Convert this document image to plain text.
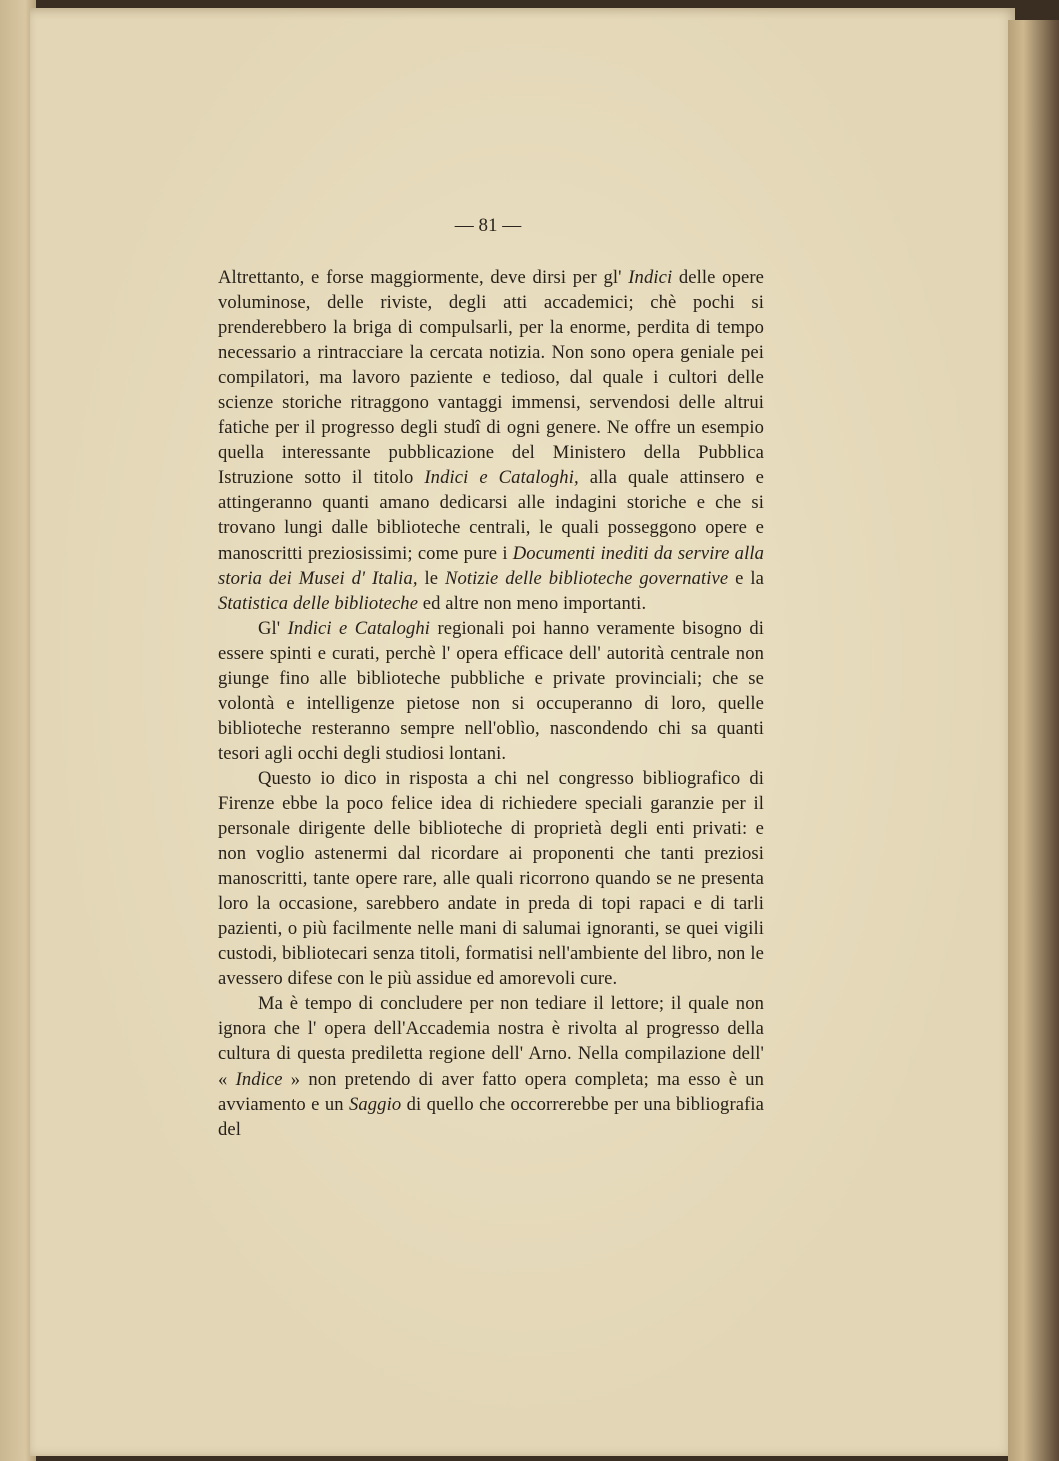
— 81 —

Altrettanto, e forse maggiormente, deve dirsi per gl' Indici delle opere voluminose, delle riviste, degli atti accademici; chè pochi si prenderebbero la briga di compulsarli, per la enorme, perdita di tempo necessario a rintracciare la cercata notizia. Non sono opera geniale pei compilatori, ma lavoro paziente e tedioso, dal quale i cultori delle scienze storiche ritraggono vantaggi immensi, servendosi delle altrui fatiche per il progresso degli studî di ogni genere. Ne offre un esempio quella interessante pubblicazione del Ministero della Pubblica Istruzione sotto il titolo Indici e Cataloghi, alla quale attinsero e attingeranno quanti amano dedicarsi alle indagini storiche e che si trovano lungi dalle biblioteche centrali, le quali posseggono opere e manoscritti preziosissimi; come pure i Documenti inediti da servire alla storia dei Musei d' Italia, le Notizie delle biblioteche governative e la Statistica delle biblioteche ed altre non meno importanti.

Gl' Indici e Cataloghi regionali poi hanno veramente bisogno di essere spinti e curati, perchè l' opera efficace dell' autorità centrale non giunge fino alle biblioteche pubbliche e private provinciali; che se volontà e intelligenze pietose non si occuperanno di loro, quelle biblioteche resteranno sempre nell'oblìo, nascondendo chi sa quanti tesori agli occhi degli studiosi lontani.

Questo io dico in risposta a chi nel congresso bibliografico di Firenze ebbe la poco felice idea di richiedere speciali garanzie per il personale dirigente delle biblioteche di proprietà degli enti privati: e non voglio astenermi dal ricordare ai proponenti che tanti preziosi manoscritti, tante opere rare, alle quali ricorrono quando se ne presenta loro la occasione, sarebbero andate in preda di topi rapaci e di tarli pazienti, o più facilmente nelle mani di salumai ignoranti, se quei vigili custodi, bibliotecari senza titoli, formatisi nell'ambiente del libro, non le avessero difese con le più assidue ed amorevoli cure.

Ma è tempo di concludere per non tediare il lettore; il quale non ignora che l' opera dell'Accademia nostra è rivolta al progresso della cultura di questa prediletta regione dell' Arno. Nella compilazione dell' « Indice » non pretendo di aver fatto opera completa; ma esso è un avviamento e un Saggio di quello che occorrerebbe per una bibliografia del
